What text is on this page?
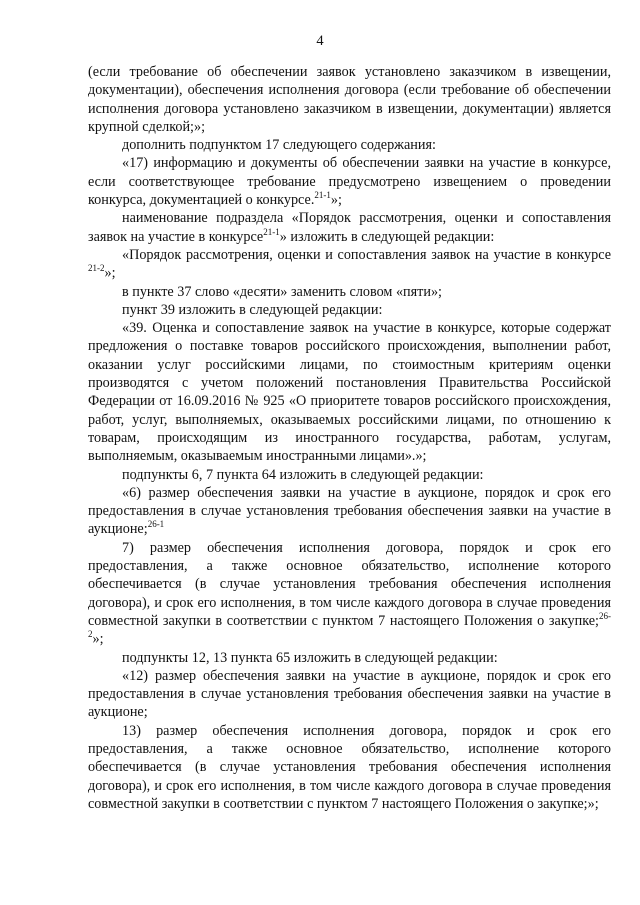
4

(если требование об обеспечении заявок установлено заказчиком в извещении, документации), обеспечения исполнения договора (если требование об обеспечении исполнения договора установлено заказчиком в извещении, документации) является крупной сделкой;»;

дополнить подпунктом 17 следующего содержания:

«17) информацию и документы об обеспечении заявки на участие в конкурсе, если соответствующее требование предусмотрено извещением о проведении конкурса, документацией о конкурсе.$^{21-1}$»;

наименование подраздела «Порядок рассмотрения, оценки и сопоставления заявок на участие в конкурсе$^{21-1}$» изложить в следующей редакции:

«Порядок рассмотрения, оценки и сопоставления заявок на участие в конкурсе $^{21-2}$»;

в пункте 37 слово «десяти» заменить словом «пяти»;

пункт 39 изложить в следующей редакции:

«39. Оценка и сопоставление заявок на участие в конкурсе, которые содержат предложения о поставке товаров российского происхождения, выполнении работ, оказании услуг российскими лицами, по стоимостным критериям оценки производятся с учетом положений постановления Правительства Российской Федерации от 16.09.2016 № 925 «О приоритете товаров российского происхождения, работ, услуг, выполняемых, оказываемых российскими лицами, по отношению к товарам, происходящим из иностранного государства, работам, услугам, выполняемым, оказываемым иностранными лицами».»;

подпункты 6, 7 пункта 64 изложить в следующей редакции:

«6) размер обеспечения заявки на участие в аукционе, порядок и срок его предоставления в случае установления требования обеспечения заявки на участие в аукционе;$^{26-1}$

7) размер обеспечения исполнения договора, порядок и срок его предоставления, а также основное обязательство, исполнение которого обеспечивается (в случае установления требования обеспечения исполнения договора), и срок его исполнения, в том числе каждого договора в случае проведения совместной закупки в соответствии с пунктом 7 настоящего Положения о закупке;$^{26-2}$»;

подпункты 12, 13 пункта 65 изложить в следующей редакции:

«12) размер обеспечения заявки на участие в аукционе, порядок и срок его предоставления в случае установления требования обеспечения заявки на участие в аукционе;

13) размер обеспечения исполнения договора, порядок и срок его предоставления, а также основное обязательство, исполнение которого обеспечивается (в случае установления требования обеспечения исполнения договора), и срок его исполнения, в том числе каждого договора в случае проведения совместной закупки в соответствии с пунктом 7 настоящего Положения о закупке;»;
